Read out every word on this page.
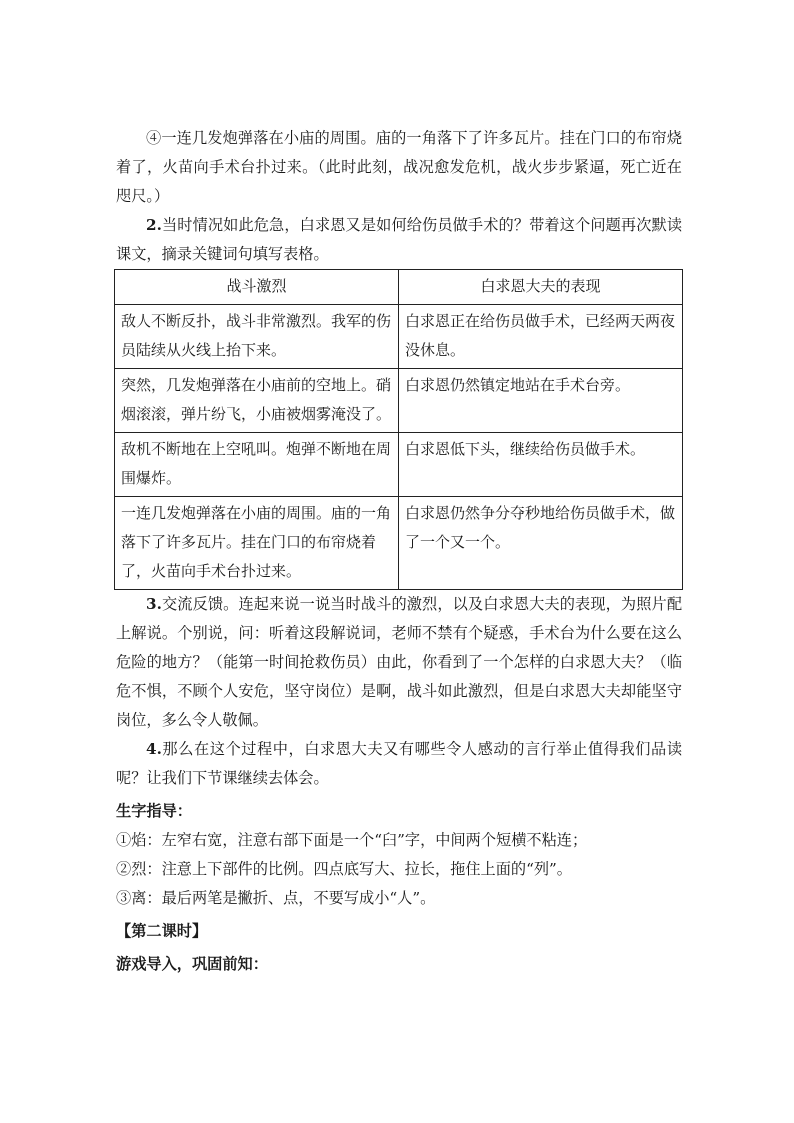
④一连几发炮弹落在小庙的周围。庙的一角落下了许多瓦片。挂在门口的布帘烧着了，火苗向手术台扑过来。（此时此刻，战况愈发危机，战火步步紧逼，死亡近在咫尺。）

2.当时情况如此危急，白求恩又是如何给伤员做手术的？带着这个问题再次默读课文，摘录关键词句填写表格。

战斗激烈	白求恩大夫的表现
敌人不断反扑，战斗非常激烈。我军的伤员陆续从火线上抬下来。	白求恩正在给伤员做手术，已经两天两夜没休息。
突然，几发炮弹落在小庙前的空地上。硝烟滚滚，弹片纷飞，小庙被烟雾淹没了。	白求恩仍然镇定地站在手术台旁。
敌机不断地在上空吼叫。炮弹不断地在周围爆炸。	白求恩低下头，继续给伤员做手术。
一连几发炮弹落在小庙的周围。庙的一角落下了许多瓦片。挂在门口的布帘烧着了，火苗向手术台扑过来。	白求恩仍然争分夺秒地给伤员做手术，做了一个又一个。

3.交流反馈。连起来说一说当时战斗的激烈，以及白求恩大夫的表现，为照片配上解说。个别说，问：听着这段解说词，老师不禁有个疑惑，手术台为什么要在这么危险的地方？（能第一时间抢救伤员）由此，你看到了一个怎样的白求恩大夫？（临危不惧，不顾个人安危，坚守岗位）是啊，战斗如此激烈，但是白求恩大夫却能坚守岗位，多么令人敬佩。

4.那么在这个过程中，白求恩大夫又有哪些令人感动的言行举止值得我们品读呢？让我们下节课继续去体会。

生字指导：

①焰：左窄右宽，注意右部下面是一个“臼”字，中间两个短横不粘连；

②烈：注意上下部件的比例。四点底写大、拉长，拖住上面的“列”。

③离：最后两笔是撇折、点，不要写成小“人”。

【第二课时】

游戏导入，巩固前知：
